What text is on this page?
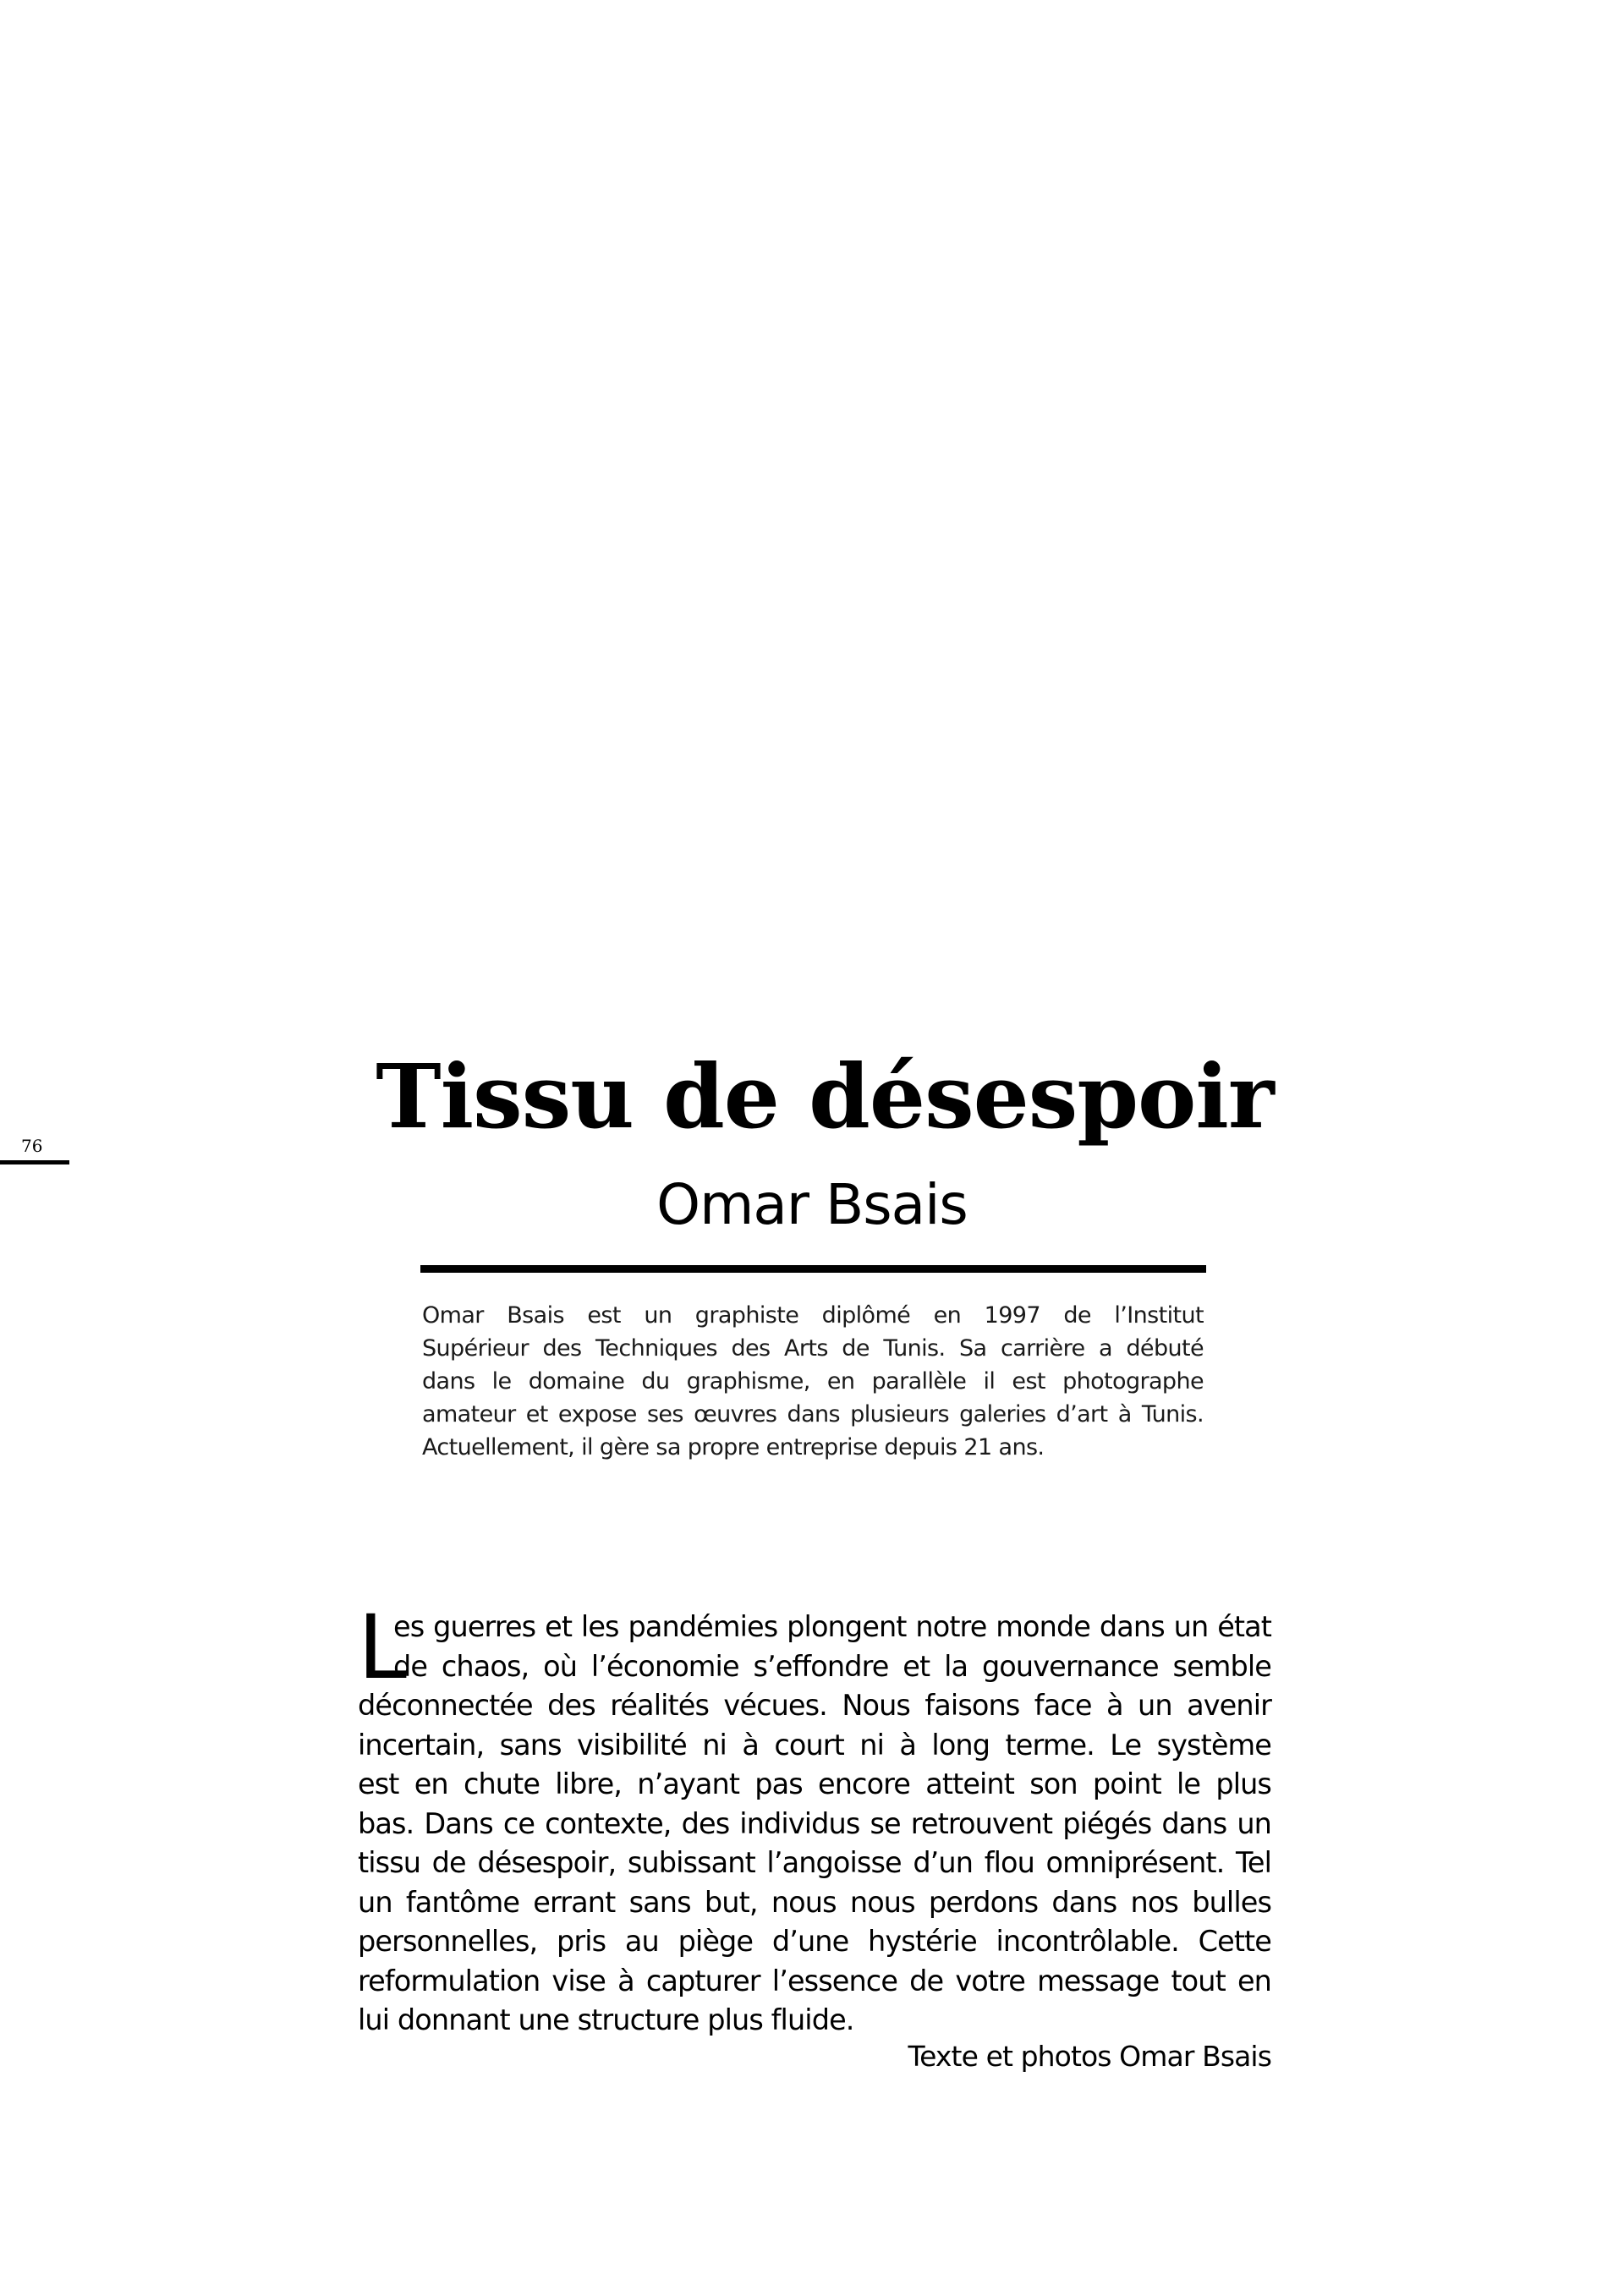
76	Tissu de désespoir
Omar Bsais
Omar Bsais est un graphiste diplômé en 1997 de l’Institut
Supérieur des Techniques des Arts de Tunis. Sa carrière a débuté
dans le domaine du graphisme, en parallèle il est photographe
amateur et expose ses œuvres dans plusieurs galeries d’art à Tunis.
Actuellement, il gère sa propre entreprise depuis 21 ans.
L
es guerres et les pandémies plongent notre monde dans un état
de chaos, où l’économie s’effondre et la gouvernance semble
déconnectée des réalités vécues. Nous faisons face à un avenir
incertain, sans visibilité ni à court ni à long terme. Le système
est en chute libre, n’ayant pas encore atteint son point le plus
bas. Dans ce contexte, des individus se retrouvent piégés dans un
tissu de désespoir, subissant l’angoisse d’un flou omniprésent. Tel
un fantôme errant sans but, nous nous perdons dans nos bulles
personnelles, pris au piège d’une hystérie incontrôlable. Cette
reformulation vise à capturer l’essence de votre message tout en
lui donnant une structure plus fluide.
Texte et photos Omar Bsais
